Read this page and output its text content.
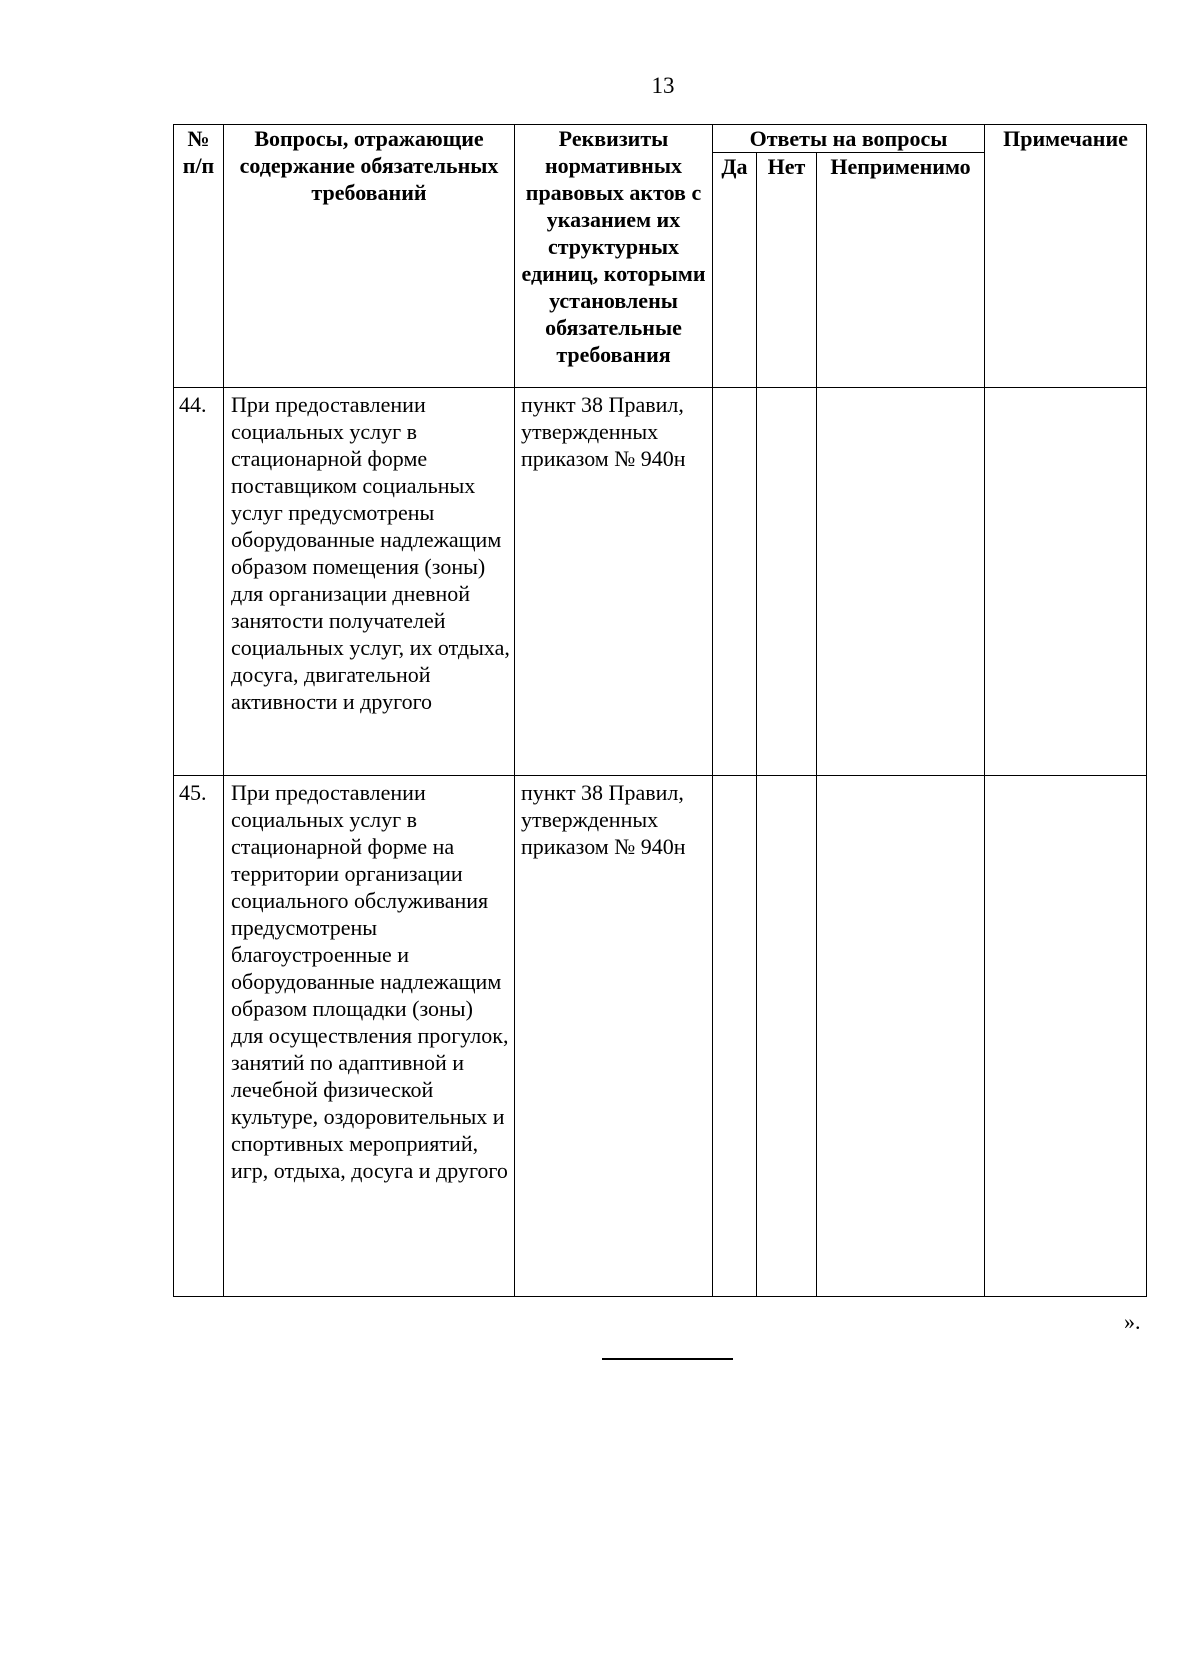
13
№ п/п	Вопросы, отражающие содержание обязательных требований	Реквизиты нормативных правовых актов с указанием их структурных единиц, которыми установлены обязательные требования	Ответы на вопросы			Примечание

			Да	Нет	Неприменимо	

44.	При предоставлении социальных услуг в стационарной форме поставщиком социальных услуг предусмотрены оборудованные надлежащим образом помещения (зоны) для организации дневной занятости получателей социальных услуг, их отдыха, досуга, двигательной активности и другого	пункт 38 Правил, утвержденных приказом № 940н				
45.	При предоставлении социальных услуг в стационарной форме на территории организации социального обслуживания предусмотрены благоустроенные и оборудованные надлежащим образом площадки (зоны) для осуществления прогулок, занятий по адаптивной и лечебной физической культуре, оздоровительных и спортивных мероприятий, игр, отдыха, досуга и другого	пункт 38 Правил, утвержденных приказом № 940н				
».
